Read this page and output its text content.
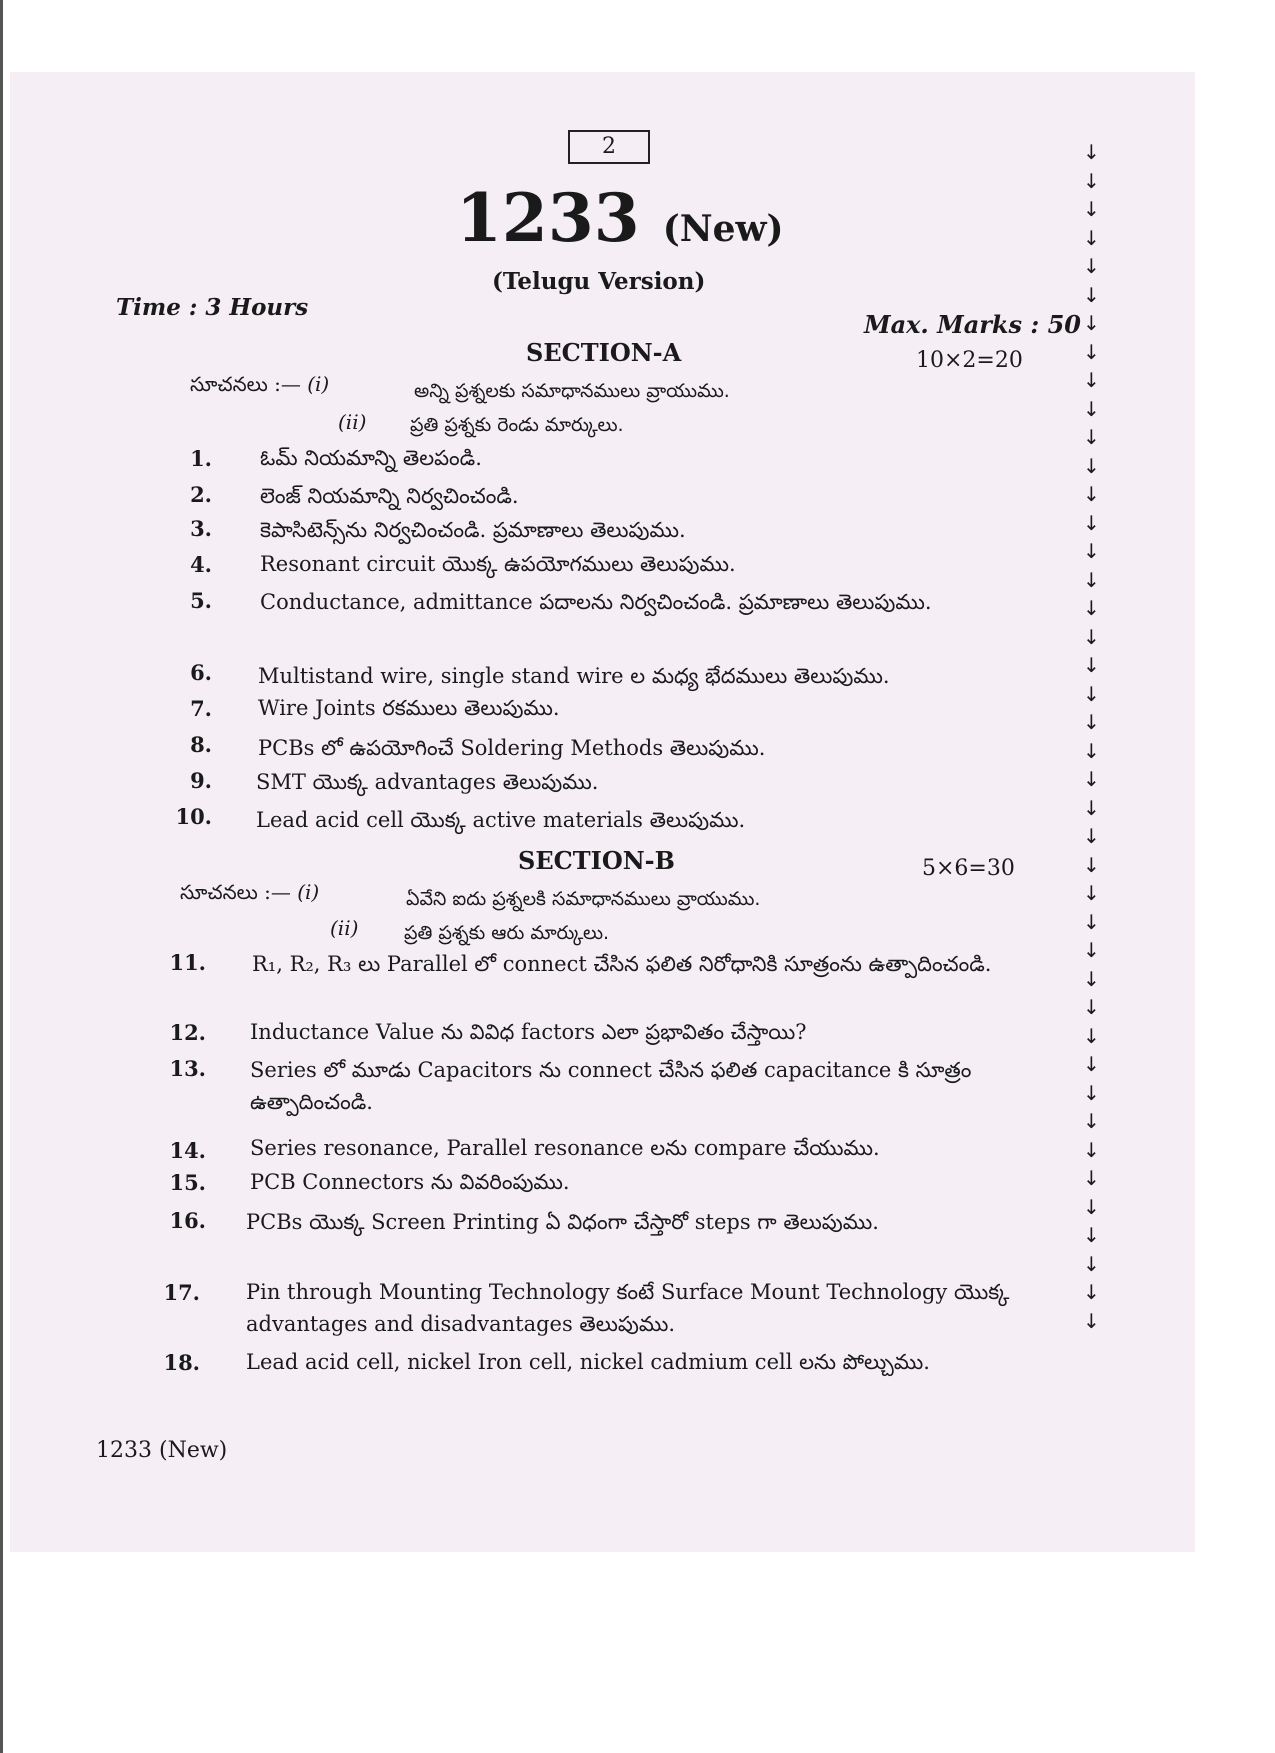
2
1233 (New)
(Telugu Version)
Time : 3 Hours
Max. Marks : 50
SECTION-A	10×2=20
సూచనలు :— (i)	అన్ని ప్రశ్నలకు సమాధానములు వ్రాయుము.
(ii) ప్రతి ప్రశ్నకు రెండు మార్కులు.
1. ఓమ్ నియమాన్ని తెలపండి.
2. లెంజ్ నియమాన్ని నిర్వచించండి.
3. కెపాసిటెన్స్‌ను నిర్వచించండి. ప్రమాణాలు తెలుపుము.
4. Resonant circuit యొక్క ఉపయోగములు తెలుపుము.
5. Conductance, admittance పదాలను నిర్వచించండి. ప్రమాణాలు తెలుపుము.
6. Multistand wire, single stand wire ల మధ్య భేదములు తెలుపుము.
7. Wire Joints రకములు తెలుపుము.
8. PCBs లో ఉపయోగించే Soldering Methods తెలుపుము.
9. SMT యొక్క advantages తెలుపుము.
10. Lead acid cell యొక్క active materials తెలుపుము.
SECTION-B	5×6=30
సూచనలు :— (i)	ఏవేని ఐదు ప్రశ్నలకి సమాధానములు వ్రాయుము.
(ii) ప్రతి ప్రశ్నకు ఆరు మార్కులు.
11. R₁, R₂, R₃ లు Parallel లో connect చేసిన ఫలిత నిరోధానికి సూత్రంను ఉత్పాదించండి.
12. Inductance Value ను వివిధ factors ఎలా ప్రభావితం చేస్తాయి?
13. Series లో మూడు Capacitors ను connect చేసిన ఫలిత capacitance కి సూత్రం ఉత్పాదించండి.
14. Series resonance, Parallel resonance లను compare చేయుము.
15. PCB Connectors ను వివరింపుము.
16. PCBs యొక్క Screen Printing ఏ విధంగా చేస్తారో steps గా తెలుపుము.
17. Pin through Mounting Technology కంటే Surface Mount Technology యొక్క advantages and disadvantages తెలుపుము.
18. Lead acid cell, nickel Iron cell, nickel cadmium cell లను పోల్చుము.
1233 (New)
↓
↓
↓
↓
↓
↓
↓
↓
↓
↓
↓
↓
↓
↓
↓
↓
↓
↓
↓
↓
↓
↓
↓
↓
↓
↓
↓
↓
↓
↓
↓
↓
↓
↓
↓
↓
↓
↓
↓
↓
↓
↓
